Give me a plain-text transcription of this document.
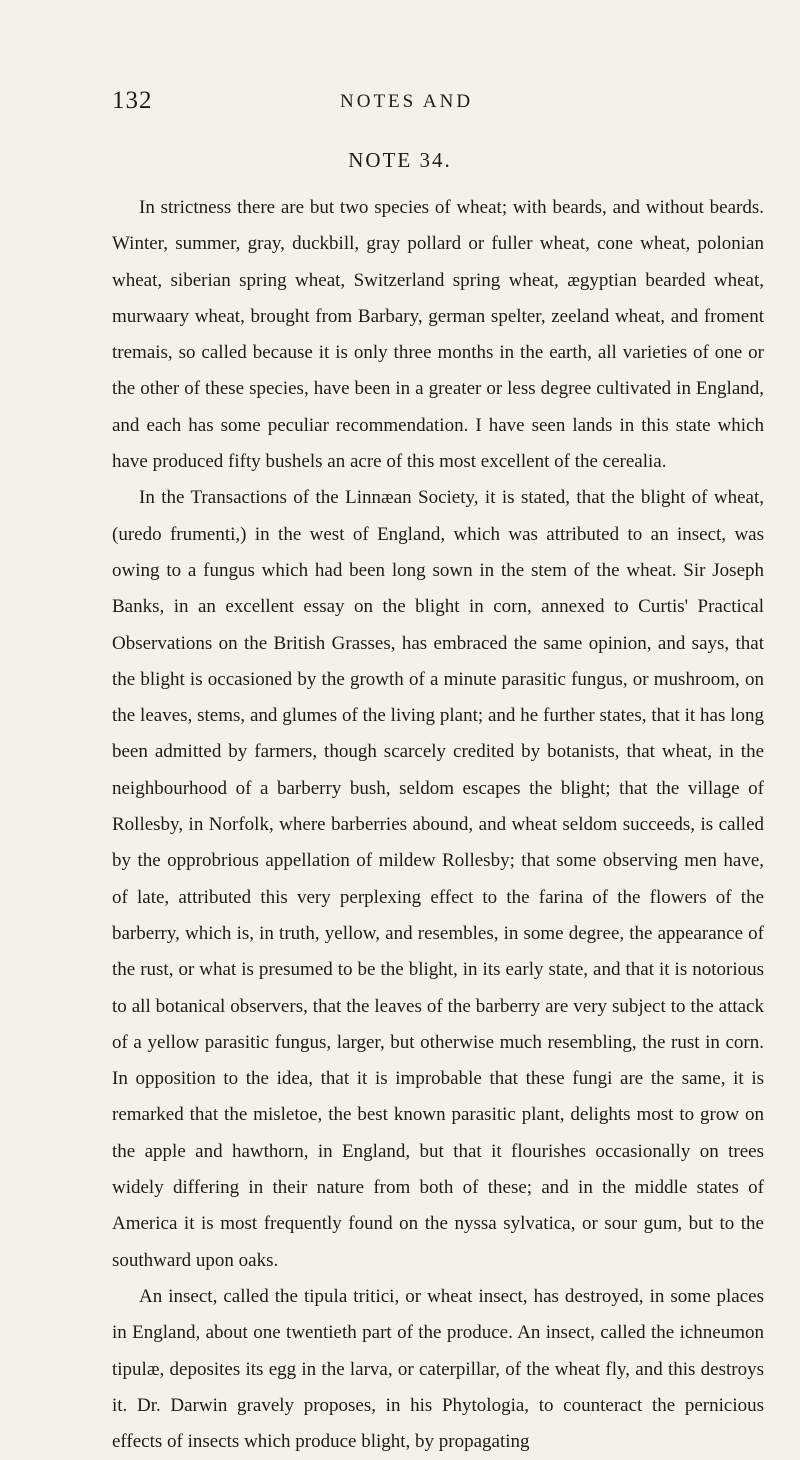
132	NOTES AND
NOTE 34.

In strictness there are but two species of wheat; with beards, and without beards. Winter, summer, gray, duckbill, gray pollard or fuller wheat, cone wheat, polonian wheat, siberian spring wheat, Switzerland spring wheat, ægyptian bearded wheat, murwaary wheat, brought from Barbary, german spelter, zeeland wheat, and froment tremais, so called because it is only three months in the earth, all varieties of one or the other of these species, have been in a greater or less degree cultivated in England, and each has some peculiar recommendation. I have seen lands in this state which have produced fifty bushels an acre of this most excellent of the cerealia.

In the Transactions of the Linnæan Society, it is stated, that the blight of wheat, (uredo frumenti,) in the west of England, which was attributed to an insect, was owing to a fungus which had been long sown in the stem of the wheat. Sir Joseph Banks, in an excellent essay on the blight in corn, annexed to Curtis' Practical Observations on the British Grasses, has embraced the same opinion, and says, that the blight is occasioned by the growth of a minute parasitic fungus, or mushroom, on the leaves, stems, and glumes of the living plant; and he further states, that it has long been admitted by farmers, though scarcely credited by botanists, that wheat, in the neighbourhood of a barberry bush, seldom escapes the blight; that the village of Rollesby, in Norfolk, where barberries abound, and wheat seldom succeeds, is called by the opprobrious appellation of mildew Rollesby; that some observing men have, of late, attributed this very perplexing effect to the farina of the flowers of the barberry, which is, in truth, yellow, and resembles, in some degree, the appearance of the rust, or what is presumed to be the blight, in its early state, and that it is notorious to all botanical observers, that the leaves of the barberry are very subject to the attack of a yellow parasitic fungus, larger, but otherwise much resembling, the rust in corn. In opposition to the idea, that it is improbable that these fungi are the same, it is remarked that the misletoe, the best known parasitic plant, delights most to grow on the apple and hawthorn, in England, but that it flourishes occasionally on trees widely differing in their nature from both of these; and in the middle states of America it is most frequently found on the nyssa sylvatica, or sour gum, but to the southward upon oaks.

An insect, called the tipula tritici, or wheat insect, has destroyed, in some places in England, about one twentieth part of the produce. An insect, called the ichneumon tipulæ, deposites its egg in the larva, or caterpillar, of the wheat fly, and this destroys it. Dr. Darwin gravely proposes, in his Phytologia, to counteract the pernicious effects of insects which produce blight, by propagating
